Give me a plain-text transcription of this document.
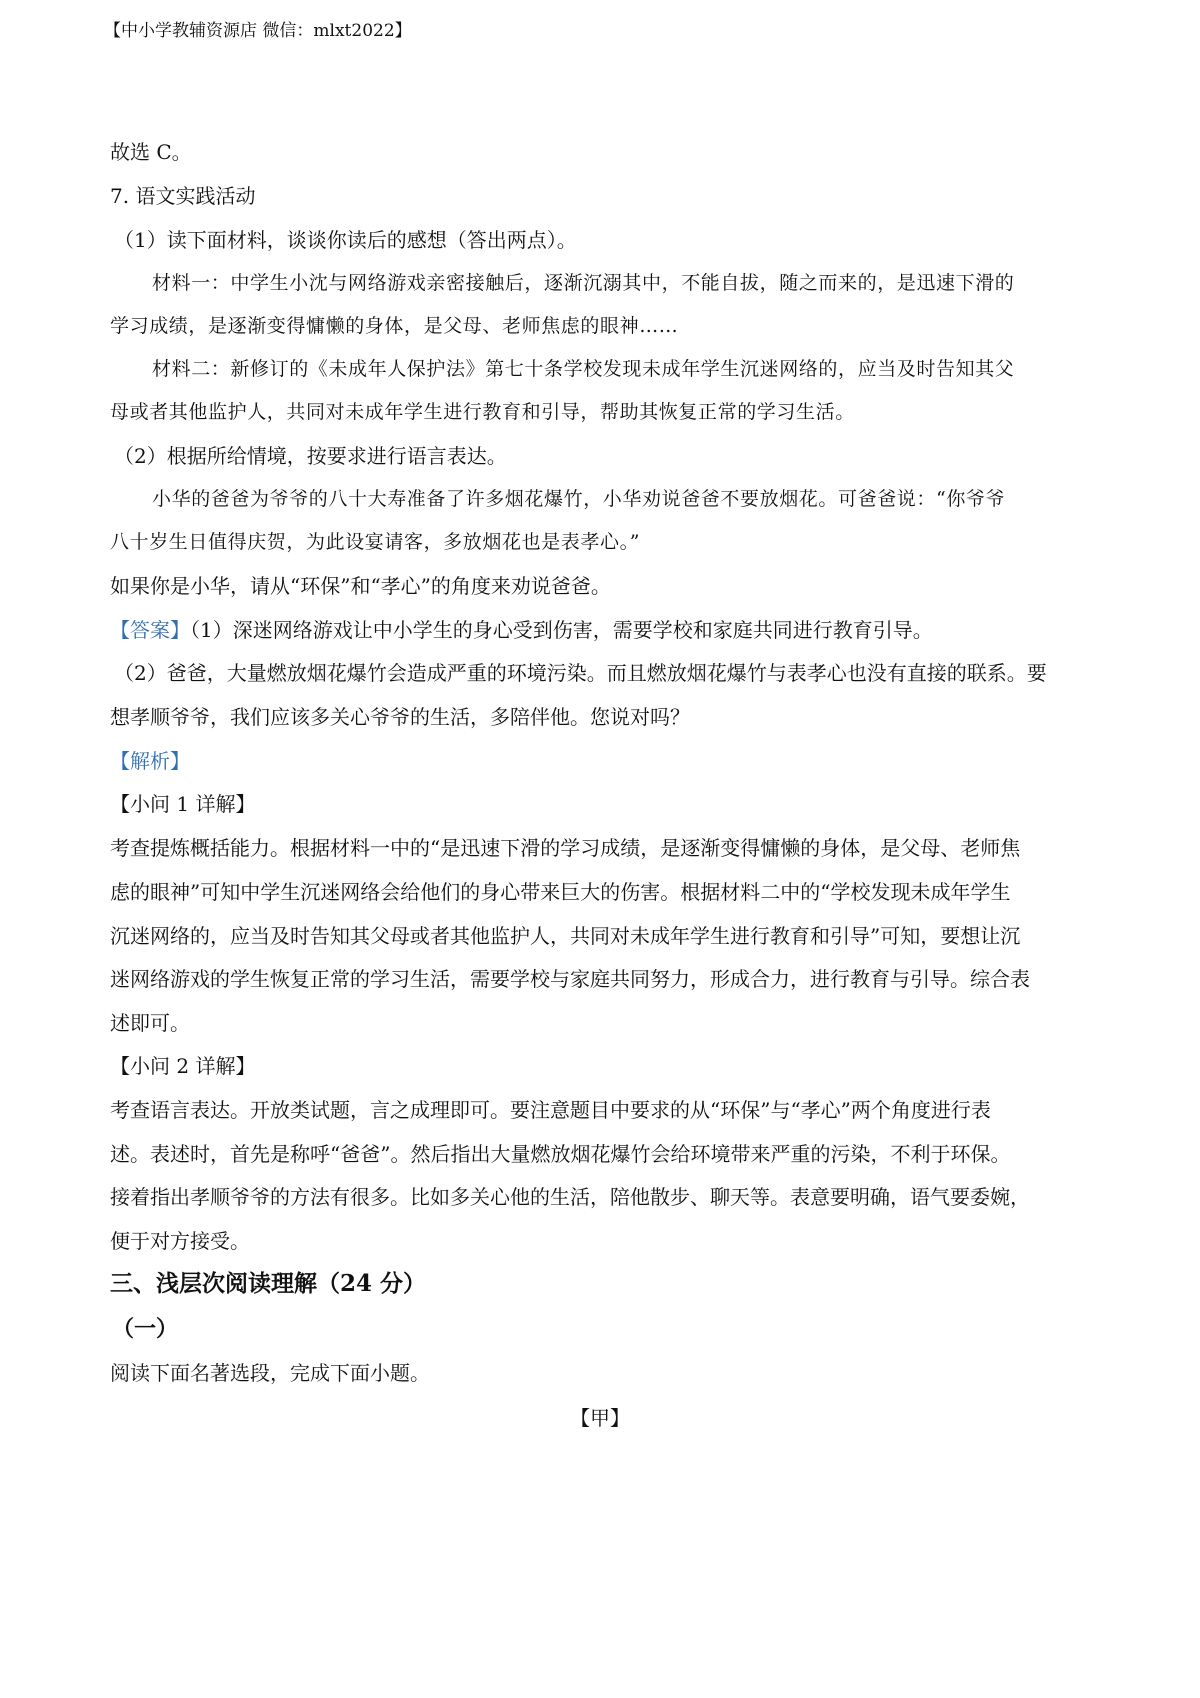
【中小学教辅资源店 微信：mlxt2022】
故选 C。
7. 语文实践活动
（1）读下面材料，谈谈你读后的感想（答出两点）。
材料一：中学生小沈与网络游戏亲密接触后，逐渐沉溺其中，不能自拔，随之而来的，是迅速下滑的
学习成绩，是逐渐变得慵懒的身体，是父母、老师焦虑的眼神……
材料二：新修订的《未成年人保护法》第七十条学校发现未成年学生沉迷网络的，应当及时告知其父
母或者其他监护人，共同对未成年学生进行教育和引导，帮助其恢复正常的学习生活。
（2）根据所给情境，按要求进行语言表达。
小华的爸爸为爷爷的八十大寿准备了许多烟花爆竹，小华劝说爸爸不要放烟花。可爸爸说：“你爷爷
八十岁生日值得庆贺，为此设宴请客，多放烟花也是表孝心。”
如果你是小华，请从“环保”和“孝心”的角度来劝说爸爸。
【答案】（1）深迷网络游戏让中小学生的身心受到伤害，需要学校和家庭共同进行教育引导。
（2）爸爸，大量燃放烟花爆竹会造成严重的环境污染。而且燃放烟花爆竹与表孝心也没有直接的联系。要
想孝顺爷爷，我们应该多关心爷爷的生活，多陪伴他。您说对吗？
【解析】
【小问 1 详解】
考查提炼概括能力。根据材料一中的“是迅速下滑的学习成绩，是逐渐变得慵懒的身体，是父母、老师焦
虑的眼神”可知中学生沉迷网络会给他们的身心带来巨大的伤害。根据材料二中的“学校发现未成年学生
沉迷网络的，应当及时告知其父母或者其他监护人，共同对未成年学生进行教育和引导”可知，要想让沉
迷网络游戏的学生恢复正常的学习生活，需要学校与家庭共同努力，形成合力，进行教育与引导。综合表
述即可。
【小问 2 详解】
考查语言表达。开放类试题，言之成理即可。要注意题目中要求的从“环保”与“孝心”两个角度进行表
述。表述时，首先是称呼“爸爸”。然后指出大量燃放烟花爆竹会给环境带来严重的污染，不利于环保。
接着指出孝顺爷爷的方法有很多。比如多关心他的生活，陪他散步、聊天等。表意要明确，语气要委婉，
便于对方接受。
三、浅层次阅读理解（24 分）
（一）
阅读下面名著选段，完成下面小题。
【甲】
